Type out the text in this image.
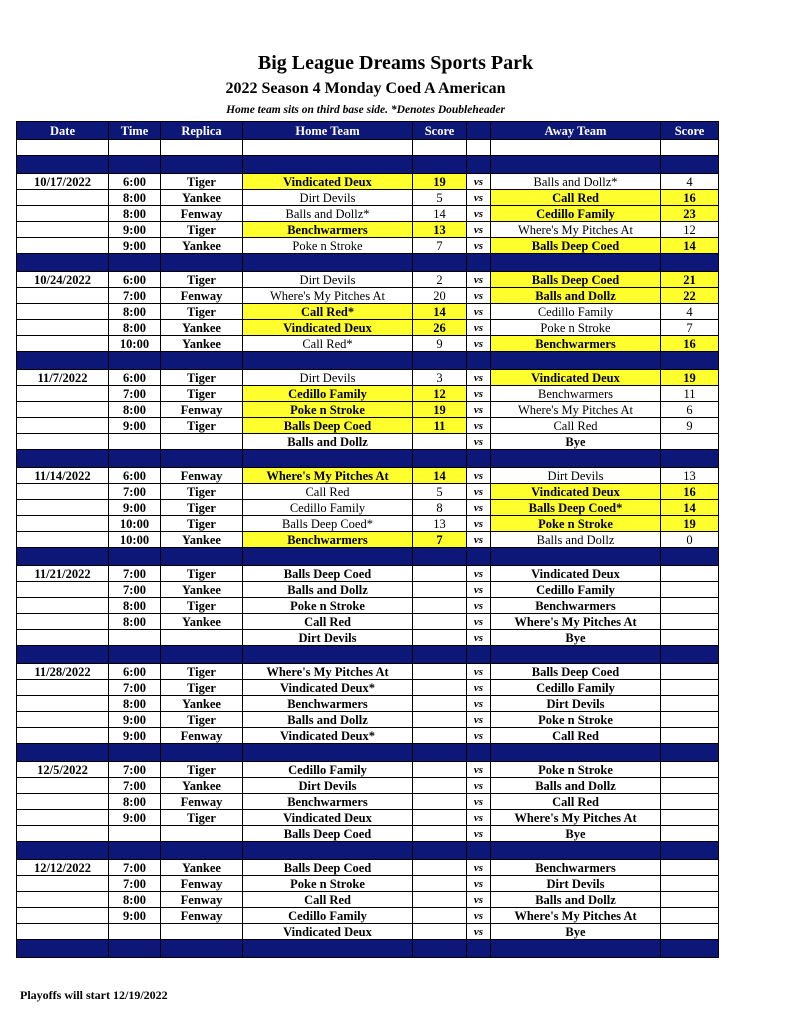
Big League Dreams Sports Park
2022 Season 4 Monday Coed A American
Home team sits on third base side. *Denotes Doubleheader
Date	Time	Replica	Home Team	Score		Away Team	Score

10/17/2022	6:00	Tiger	Vindicated Deux	19	vs	Balls and Dollz*	4
	8:00	Yankee	Dirt Devils	5	vs	Call Red	16
	8:00	Fenway	Balls and Dollz*	14	vs	Cedillo Family	23
	9:00	Tiger	Benchwarmers	13	vs	Where's My Pitches At	12
	9:00	Yankee	Poke n Stroke	7	vs	Balls Deep Coed	14

10/24/2022	6:00	Tiger	Dirt Devils	2	vs	Balls Deep Coed	21
	7:00	Fenway	Where's My Pitches At	20	vs	Balls and Dollz	22
	8:00	Tiger	Call Red*	14	vs	Cedillo Family	4
	8:00	Yankee	Vindicated Deux	26	vs	Poke n Stroke	7
	10:00	Yankee	Call Red*	9	vs	Benchwarmers	16

11/7/2022	6:00	Tiger	Dirt Devils	3	vs	Vindicated Deux	19
	7:00	Tiger	Cedillo Family	12	vs	Benchwarmers	11
	8:00	Fenway	Poke n Stroke	19	vs	Where's My Pitches At	6
	9:00	Tiger	Balls Deep Coed	11	vs	Call Red	9
			Balls and Dollz		vs	Bye	

11/14/2022	6:00	Fenway	Where's My Pitches At	14	vs	Dirt Devils	13
	7:00	Tiger	Call Red	5	vs	Vindicated Deux	16
	9:00	Tiger	Cedillo Family	8	vs	Balls Deep Coed*	14
	10:00	Tiger	Balls Deep Coed*	13	vs	Poke n Stroke	19
	10:00	Yankee	Benchwarmers	7	vs	Balls and Dollz	0

11/21/2022	7:00	Tiger	Balls Deep Coed		vs	Vindicated Deux	
	7:00	Yankee	Balls and Dollz		vs	Cedillo Family	
	8:00	Tiger	Poke n Stroke		vs	Benchwarmers	
	8:00	Yankee	Call Red		vs	Where's My Pitches At	
			Dirt Devils		vs	Bye	

11/28/2022	6:00	Tiger	Where's My Pitches At		vs	Balls Deep Coed	
	7:00	Tiger	Vindicated Deux*		vs	Cedillo Family	
	8:00	Yankee	Benchwarmers		vs	Dirt Devils	
	9:00	Tiger	Balls and Dollz		vs	Poke n Stroke	
	9:00	Fenway	Vindicated Deux*		vs	Call Red	

12/5/2022	7:00	Tiger	Cedillo Family		vs	Poke n Stroke	
	7:00	Yankee	Dirt Devils		vs	Balls and Dollz	
	8:00	Fenway	Benchwarmers		vs	Call Red	
	9:00	Tiger	Vindicated Deux		vs	Where's My Pitches At	
			Balls Deep Coed		vs	Bye	

12/12/2022	7:00	Yankee	Balls Deep Coed		vs	Benchwarmers	
	7:00	Fenway	Poke n Stroke		vs	Dirt Devils	
	8:00	Fenway	Call Red		vs	Balls and Dollz	
	9:00	Fenway	Cedillo Family		vs	Where's My Pitches At	
			Vindicated Deux		vs	Bye	

Playoffs will start 12/19/2022
